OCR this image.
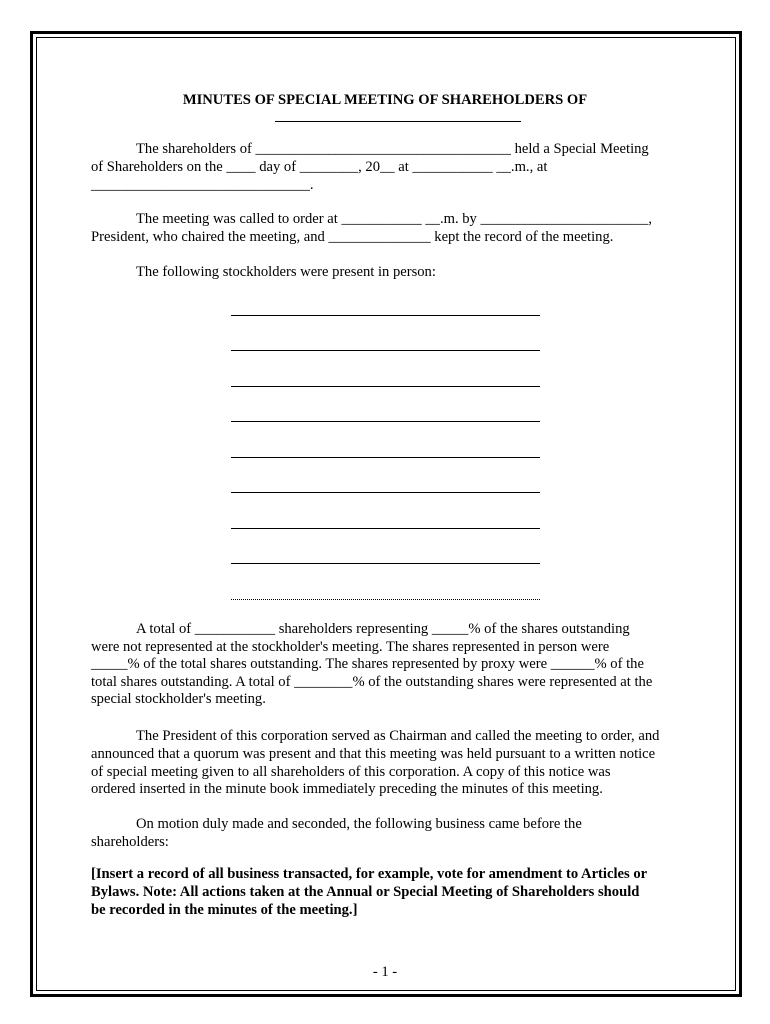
MINUTES OF SPECIAL MEETING OF SHAREHOLDERS OF

The shareholders of ___________________________________ held a Special Meeting

of Shareholders on the ____ day of ________, 20__ at ___________ __.m., at

______________________________.

The meeting was called to order at ___________ __.m. by _______________________,

President, who chaired the meeting, and ______________ kept the record of the meeting.

The following stockholders were present in person:

A total of ___________ shareholders representing _____% of the shares outstanding

were not represented at the stockholder's meeting. The shares represented in person were

_____% of the total shares outstanding. The shares represented by proxy were ______% of the

total shares outstanding. A total of ________% of the outstanding shares were represented at the

special stockholder's meeting.

The President of this corporation served as Chairman and called the meeting to order, and

announced that a quorum was present and that this meeting was held pursuant to a written notice

of special meeting given to all shareholders of this corporation. A copy of this notice was

ordered inserted in the minute book immediately preceding the minutes of this meeting.

On motion duly made and seconded, the following business came before the

shareholders:

[Insert a record of all business transacted, for example, vote for amendment to Articles or

Bylaws. Note: All actions taken at the Annual or Special Meeting of Shareholders should

be recorded in the minutes of the meeting.]

- 1 -
